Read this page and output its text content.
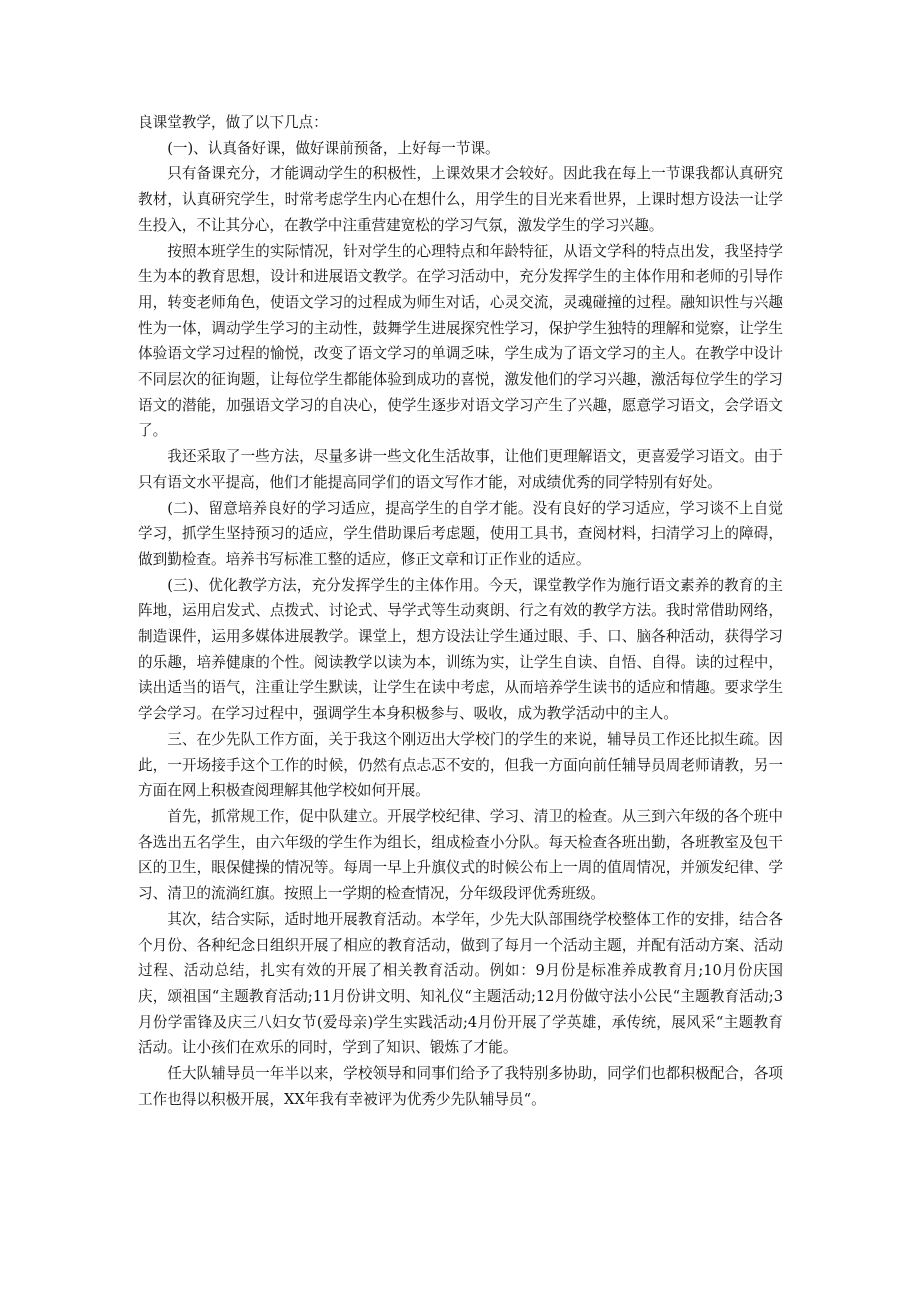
良课堂教学，做了以下几点：

(一)、认真备好课，做好课前预备，上好每一节课。

只有备课充分，才能调动学生的积极性，上课效果才会较好。因此我在每上一节课我都认真研究教材，认真研究学生，时常考虑学生内心在想什么，用学生的目光来看世界，上课时想方设法一让学生投入，不让其分心，在教学中注重营建宽松的学习气氛，激发学生的学习兴趣。

按照本班学生的实际情况，针对学生的心理特点和年龄特征，从语文学科的特点出发，我坚持学生为本的教育思想，设计和进展语文教学。在学习活动中，充分发挥学生的主体作用和老师的引导作用，转变老师角色，使语文学习的过程成为师生对话，心灵交流，灵魂碰撞的过程。融知识性与兴趣性为一体，调动学生学习的主动性，鼓舞学生进展探究性学习，保护学生独特的理解和觉察，让学生体验语文学习过程的愉悦，改变了语文学习的单调乏味，学生成为了语文学习的主人。在教学中设计不同层次的征询题，让每位学生都能体验到成功的喜悦，激发他们的学习兴趣，激活每位学生的学习语文的潜能，加强语文学习的自决心，使学生逐步对语文学习产生了兴趣，愿意学习语文，会学语文了。

我还采取了一些方法，尽量多讲一些文化生活故事，让他们更理解语文，更喜爱学习语文。由于只有语文水平提高，他们才能提高同学们的语文写作才能，对成绩优秀的同学特别有好处。

(二)、留意培养良好的学习适应，提高学生的自学才能。没有良好的学习适应，学习谈不上自觉学习，抓学生坚持预习的适应，学生借助课后考虑题，使用工具书，查阅材料，扫清学习上的障碍，做到勤检查。培养书写标准工整的适应，修正文章和订正作业的适应。

(三)、优化教学方法，充分发挥学生的主体作用。今天，课堂教学作为施行语文素养的教育的主阵地，运用启发式、点拨式、讨论式、导学式等生动爽朗、行之有效的教学方法。我时常借助网络，制造课件，运用多媒体进展教学。课堂上，想方设法让学生通过眼、手、口、脑各种活动，获得学习的乐趣，培养健康的个性。阅读教学以读为本，训练为实，让学生自读、自悟、自得。读的过程中，读出适当的语气，注重让学生默读，让学生在读中考虑，从而培养学生读书的适应和情趣。要求学生学会学习。在学习过程中，强调学生本身积极参与、吸收，成为教学活动中的主人。

三、在少先队工作方面，关于我这个刚迈出大学校门的学生的来说，辅导员工作还比拟生疏。因此，一开场接手这个工作的时候，仍然有点忐忑不安的，但我一方面向前任辅导员周老师请教，另一方面在网上积极查阅理解其他学校如何开展。

首先，抓常规工作，促中队建立。开展学校纪律、学习、清卫的检查。从三到六年级的各个班中各选出五名学生，由六年级的学生作为组长，组成检查小分队。每天检查各班出勤，各班教室及包干区的卫生，眼保健操的情况等。每周一早上升旗仪式的时候公布上一周的值周情况，并颁发纪律、学习、清卫的流淌红旗。按照上一学期的检查情况，分年级段评优秀班级。

其次，结合实际，适时地开展教育活动。本学年，少先大队部围绕学校整体工作的安排，结合各个月份、各种纪念日组织开展了相应的教育活动，做到了每月一个活动主题，并配有活动方案、活动过程、活动总结，扎实有效的开展了相关教育活动。例如：9月份是标准养成教育月;10月份庆国庆，颂祖国“主题教育活动;11月份讲文明、知礼仪“主题活动;12月份做守法小公民“主题教育活动;3月份学雷锋及庆三八妇女节(爱母亲)学生实践活动;4月份开展了学英雄，承传统，展风采“主题教育活动。让小孩们在欢乐的同时，学到了知识、锻炼了才能。

任大队辅导员一年半以来，学校领导和同事们给予了我特别多协助，同学们也都积极配合，各项工作也得以积极开展，XX年我有幸被评为优秀少先队辅导员“。
